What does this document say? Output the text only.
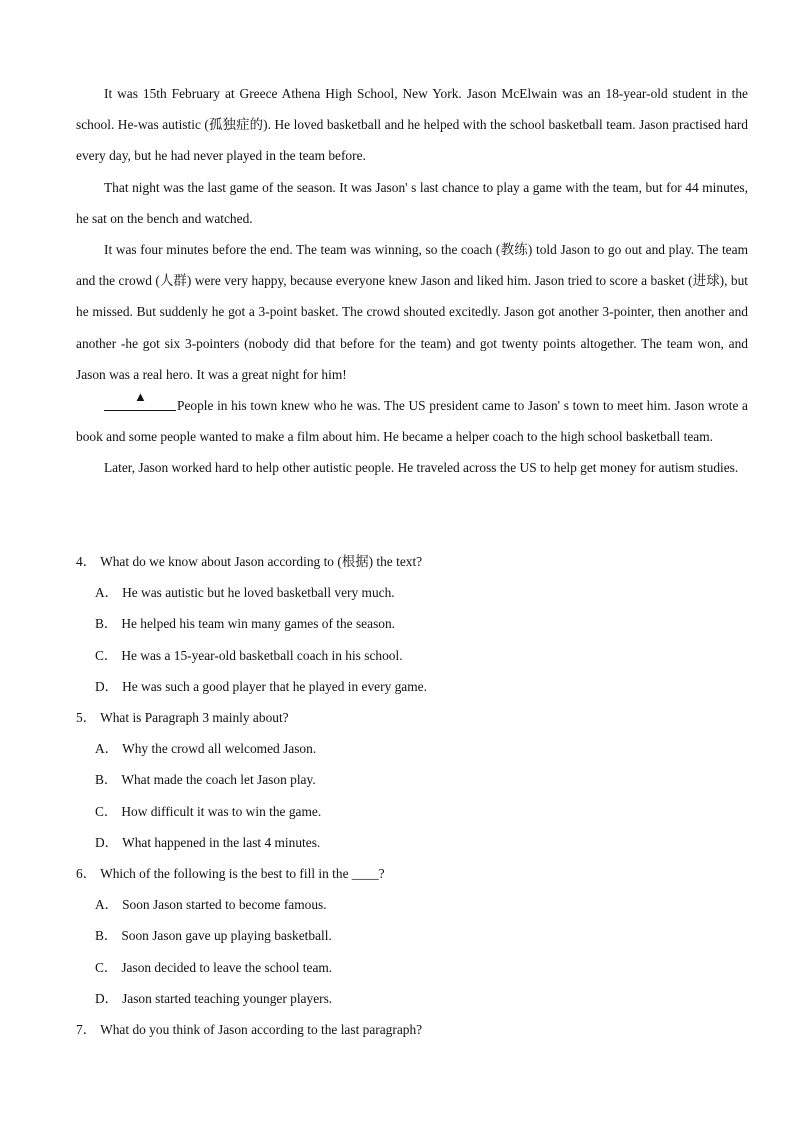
It was 15th February at Greece Athena High School, New York. Jason McElwain was an 18-year-old student in the school. He-was autistic (孤独症的). He loved basketball and he helped with the school basketball team. Jason practised hard every day, but he had never played in the team before.

That night was the last game of the season. It was Jason' s last chance to play a game with the team, but for 44 minutes, he sat on the bench and watched.

It was four minutes before the end. The team was winning, so the coach (教练) told Jason to go out and play. The team and the crowd (人群) were very happy, because everyone knew Jason and liked him. Jason tried to score a basket (进球), but he missed. But suddenly he got a 3-point basket. The crowd shouted excitedly. Jason got another 3-pointer, then another and another -he got six 3-pointers (nobody did that before for the team) and got twenty points altogether. The team won, and Jason was a real hero. It was a great night for him!

▲
People in his town knew who he was. The US president came to Jason' s town to meet him. Jason wrote a book and some people wanted to make a film about him. He became a helper coach to the high school basketball team.

Later, Jason worked hard to help other autistic people. He traveled across the US to help get money for autism studies.

4． What do we know about Jason according to (根据) the text?

A． He was autistic but he loved basketball very much.

B． He helped his team win many games of the season.

C． He was a 15-year-old basketball coach in his school.

D． He was such a good player that he played in every game.

5． What is Paragraph 3 mainly about?

A． Why the crowd all welcomed Jason.

B． What made the coach let Jason play.

C． How difficult it was to win the game.

D． What happened in the last 4 minutes.

6． Which of the following is the best to fill in the ____?

A． Soon Jason started to become famous.

B． Soon Jason gave up playing basketball.

C． Jason decided to leave the school team.

D． Jason started teaching younger players.

7． What do you think of Jason according to the last paragraph?
